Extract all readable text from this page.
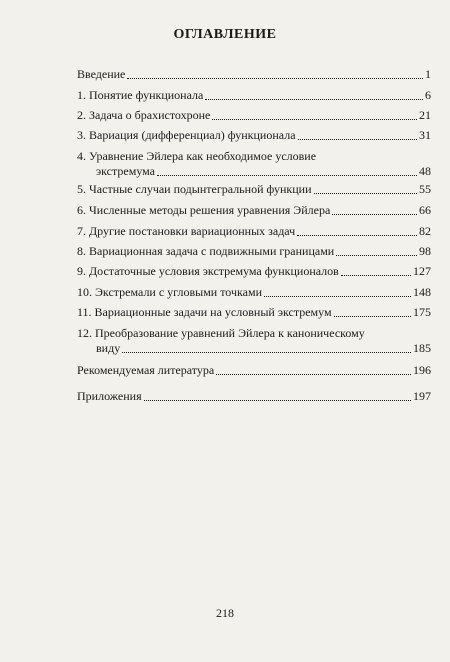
ОГЛАВЛЕНИЕ
Введение	1
1. Понятие функционала	6
2. Задача о брахистохроне	21
3. Вариация (дифференциал) функционала	31
4. Уравнение Эйлера как необходимое условие
экстремума	48
5. Частные случаи подынтегральной функции	55
6. Численные методы решения уравнения Эйлера	66
7. Другие постановки вариационных задач	82
8. Вариационная задача с подвижными границами	98
9. Достаточные условия экстремума функционалов	127
10. Экстремали с угловыми точками	148
11. Вариационные задачи на условный экстремум	175
12. Преобразование уравнений Эйлера к каноническому
виду	185
Рекомендуемая литература	196
Приложения	197
218
